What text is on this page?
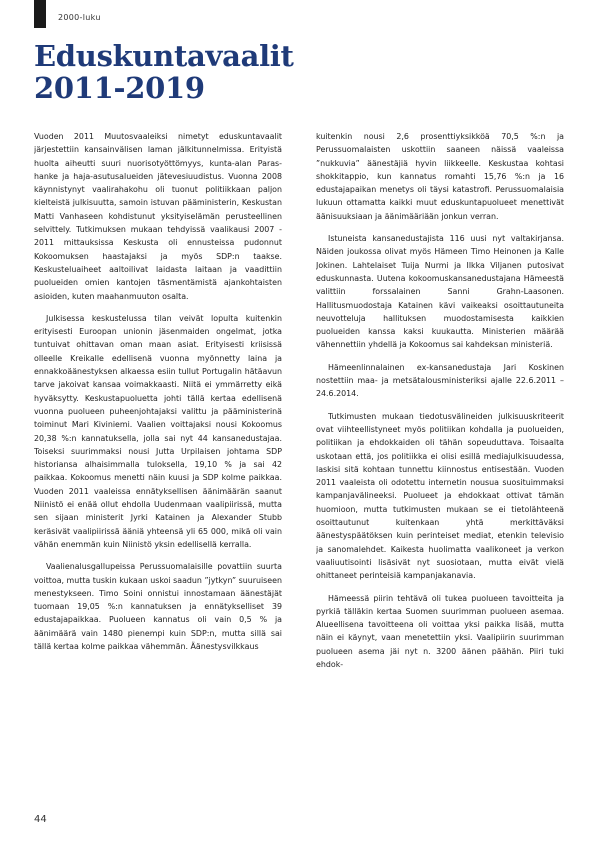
2000-luku
Eduskuntavaalit
2011-2019

Vuoden 2011 Muutosvaaleiksi nimetyt eduskuntavaalit järjestettiin kansainvälisen laman jälkitunnelmissa. Erityistä huolta aiheutti suuri nuorisotyöttömyys, kunta-alan Paras-hanke ja haja-asutusalueiden jätevesiuudistus. Vuonna 2008 käynnistynyt vaalirahakohu oli tuonut politiikkaan paljon kielteistä julkisuutta, samoin istuvan pääministerin, Keskustan Matti Vanhaseen kohdistunut yksityiselämän perusteellinen selvittely. Tutkimuksen mukaan tehdyissä vaalikausi 2007 - 2011 mittauksissa Keskusta oli ennusteissa pudonnut Kokoomuksen haastajaksi ja myös SDP:n taakse. Keskusteluaiheet aaltoilivat laidasta laitaan ja vaadittiin puolueiden omien kantojen täsmentämistä ajankohtaisten asioiden, kuten maahanmuuton osalta.

Julkisessa keskustelussa tilan veivät lopulta kuitenkin erityisesti Euroopan unionin jäsenmaiden ongelmat, jotka tuntuivat ohittavan oman maan asiat. Erityisesti kriisissä olleelle Kreikalle edellisenä vuonna myönnetty laina ja ennakkoäänestyksen alkaessa esiin tullut Portugalin hätäavun tarve jakoivat kansaa voimakkaasti. Niitä ei ymmärretty eikä hyväksytty. Keskustapuoluetta johti tällä kertaa edellisenä vuonna puolueen puheenjohtajaksi valittu ja pääministerinä toiminut Mari Kiviniemi. Vaalien voittajaksi nousi Kokoomus 20,38 %:n kannatuksella, jolla sai nyt 44 kansanedustajaa. Toiseksi suurimmaksi nousi Jutta Urpilaisen johtama SDP historiansa alhaisimmalla tuloksella, 19,10 % ja sai 42 paikkaa. Kokoomus menetti näin kuusi ja SDP kolme paikkaa. Vuoden 2011 vaaleissa ennätyksellisen äänimäärän saanut Niinistö ei enää ollut ehdolla Uudenmaan vaalipiirissä, mutta sen sijaan ministerit Jyrki Katainen ja Alexander Stubb keräsivät vaalipiirissä ääniä yhteensä yli 65 000, mikä oli vain vähän enemmän kuin Niinistö yksin edellisellä kerralla.

Vaalienalusgallupeissa Perussuomalaisille povattiin suurta voittoa, mutta tuskin kukaan uskoi saadun ”jytkyn” suuruiseen menestykseen. Timo Soini onnistui innostamaan äänestäjät tuomaan 19,05 %:n kannatuksen ja ennätykselliset 39 edustajapaikkaa. Puolueen kannatus oli vain 0,5 % ja äänimäärä vain 1480 pienempi kuin SDP:n, mutta sillä sai tällä kertaa kolme paikkaa vähemmän. Äänestysvilkkaus

kuitenkin nousi 2,6 prosenttiyksikköä 70,5 %:n ja Perussuomalaisten uskottiin saaneen näissä vaaleissa ”nukkuvia” äänestäjiä hyvin liikkeelle. Keskustaa kohtasi shokkitappio, kun kannatus romahti 15,76 %:n ja 16 edustajapaikan menetys oli täysi katastrofi. Perussuomalaisia lukuun ottamatta kaikki muut eduskuntapuolueet menettivät äänisuuksiaan ja äänimääriään jonkun verran.

Istuneista kansanedustajista 116 uusi nyt valtakirjansa. Näiden joukossa olivat myös Hämeen Timo Heinonen ja Kalle Jokinen. Lahtelaiset Tuija Nurmi ja Ilkka Viljanen putosivat eduskunnasta. Uutena kokoomuskansanedustajana Hämeestä valittiin forssalainen Sanni Grahn-Laasonen. Hallitusmuodostaja Katainen kävi vaikeaksi osoittautuneita neuvotteluja hallituksen muodostamisesta kaikkien puolueiden kanssa kaksi kuukautta. Ministerien määrää vähennettiin yhdellä ja Kokoomus sai kahdeksan ministeriä.

Hämeenlinnalainen ex-kansanedustaja Jari Koskinen nostettiin maa- ja metsätalousministeriksi ajalle 22.6.2011 – 24.6.2014.

Tutkimusten mukaan tiedotusvälineiden julkisuuskriteerit ovat viihteellistyneet myös politiikan kohdalla ja puolueiden, politiikan ja ehdokkaiden oli tähän sopeuduttava. Toisaalta uskotaan että, jos politiikka ei olisi esillä mediajulkisuudessa, laskisi sitä kohtaan tunnettu kiinnostus entisestään. Vuoden 2011 vaaleista oli odotettu internetin nousua suosituimmaksi kampanjavälineeksi. Puolueet ja ehdokkaat ottivat tämän huomioon, mutta tutkimusten mukaan se ei tietolähteenä osoittautunut kuitenkaan yhtä merkittäväksi äänestyspäätöksen kuin perinteiset mediat, etenkin televisio ja sanomalehdet. Kaikesta huolimatta vaalikoneet ja verkon vaaliuutisointi lisäsivät nyt suosiotaan, mutta eivät vielä ohittaneet perinteisiä kampanjakanavia.

Hämeessä piirin tehtävä oli tukea puolueen tavoitteita ja pyrkiä tälläkin kertaa Suomen suurimman puolueen asemaa. Alueellisena tavoitteena oli voittaa yksi paikka lisää, mutta näin ei käynyt, vaan menetettiin yksi. Vaalipiirin suurimman puolueen asema jäi nyt n. 3200 äänen päähän. Piiri tuki ehdok-

44
